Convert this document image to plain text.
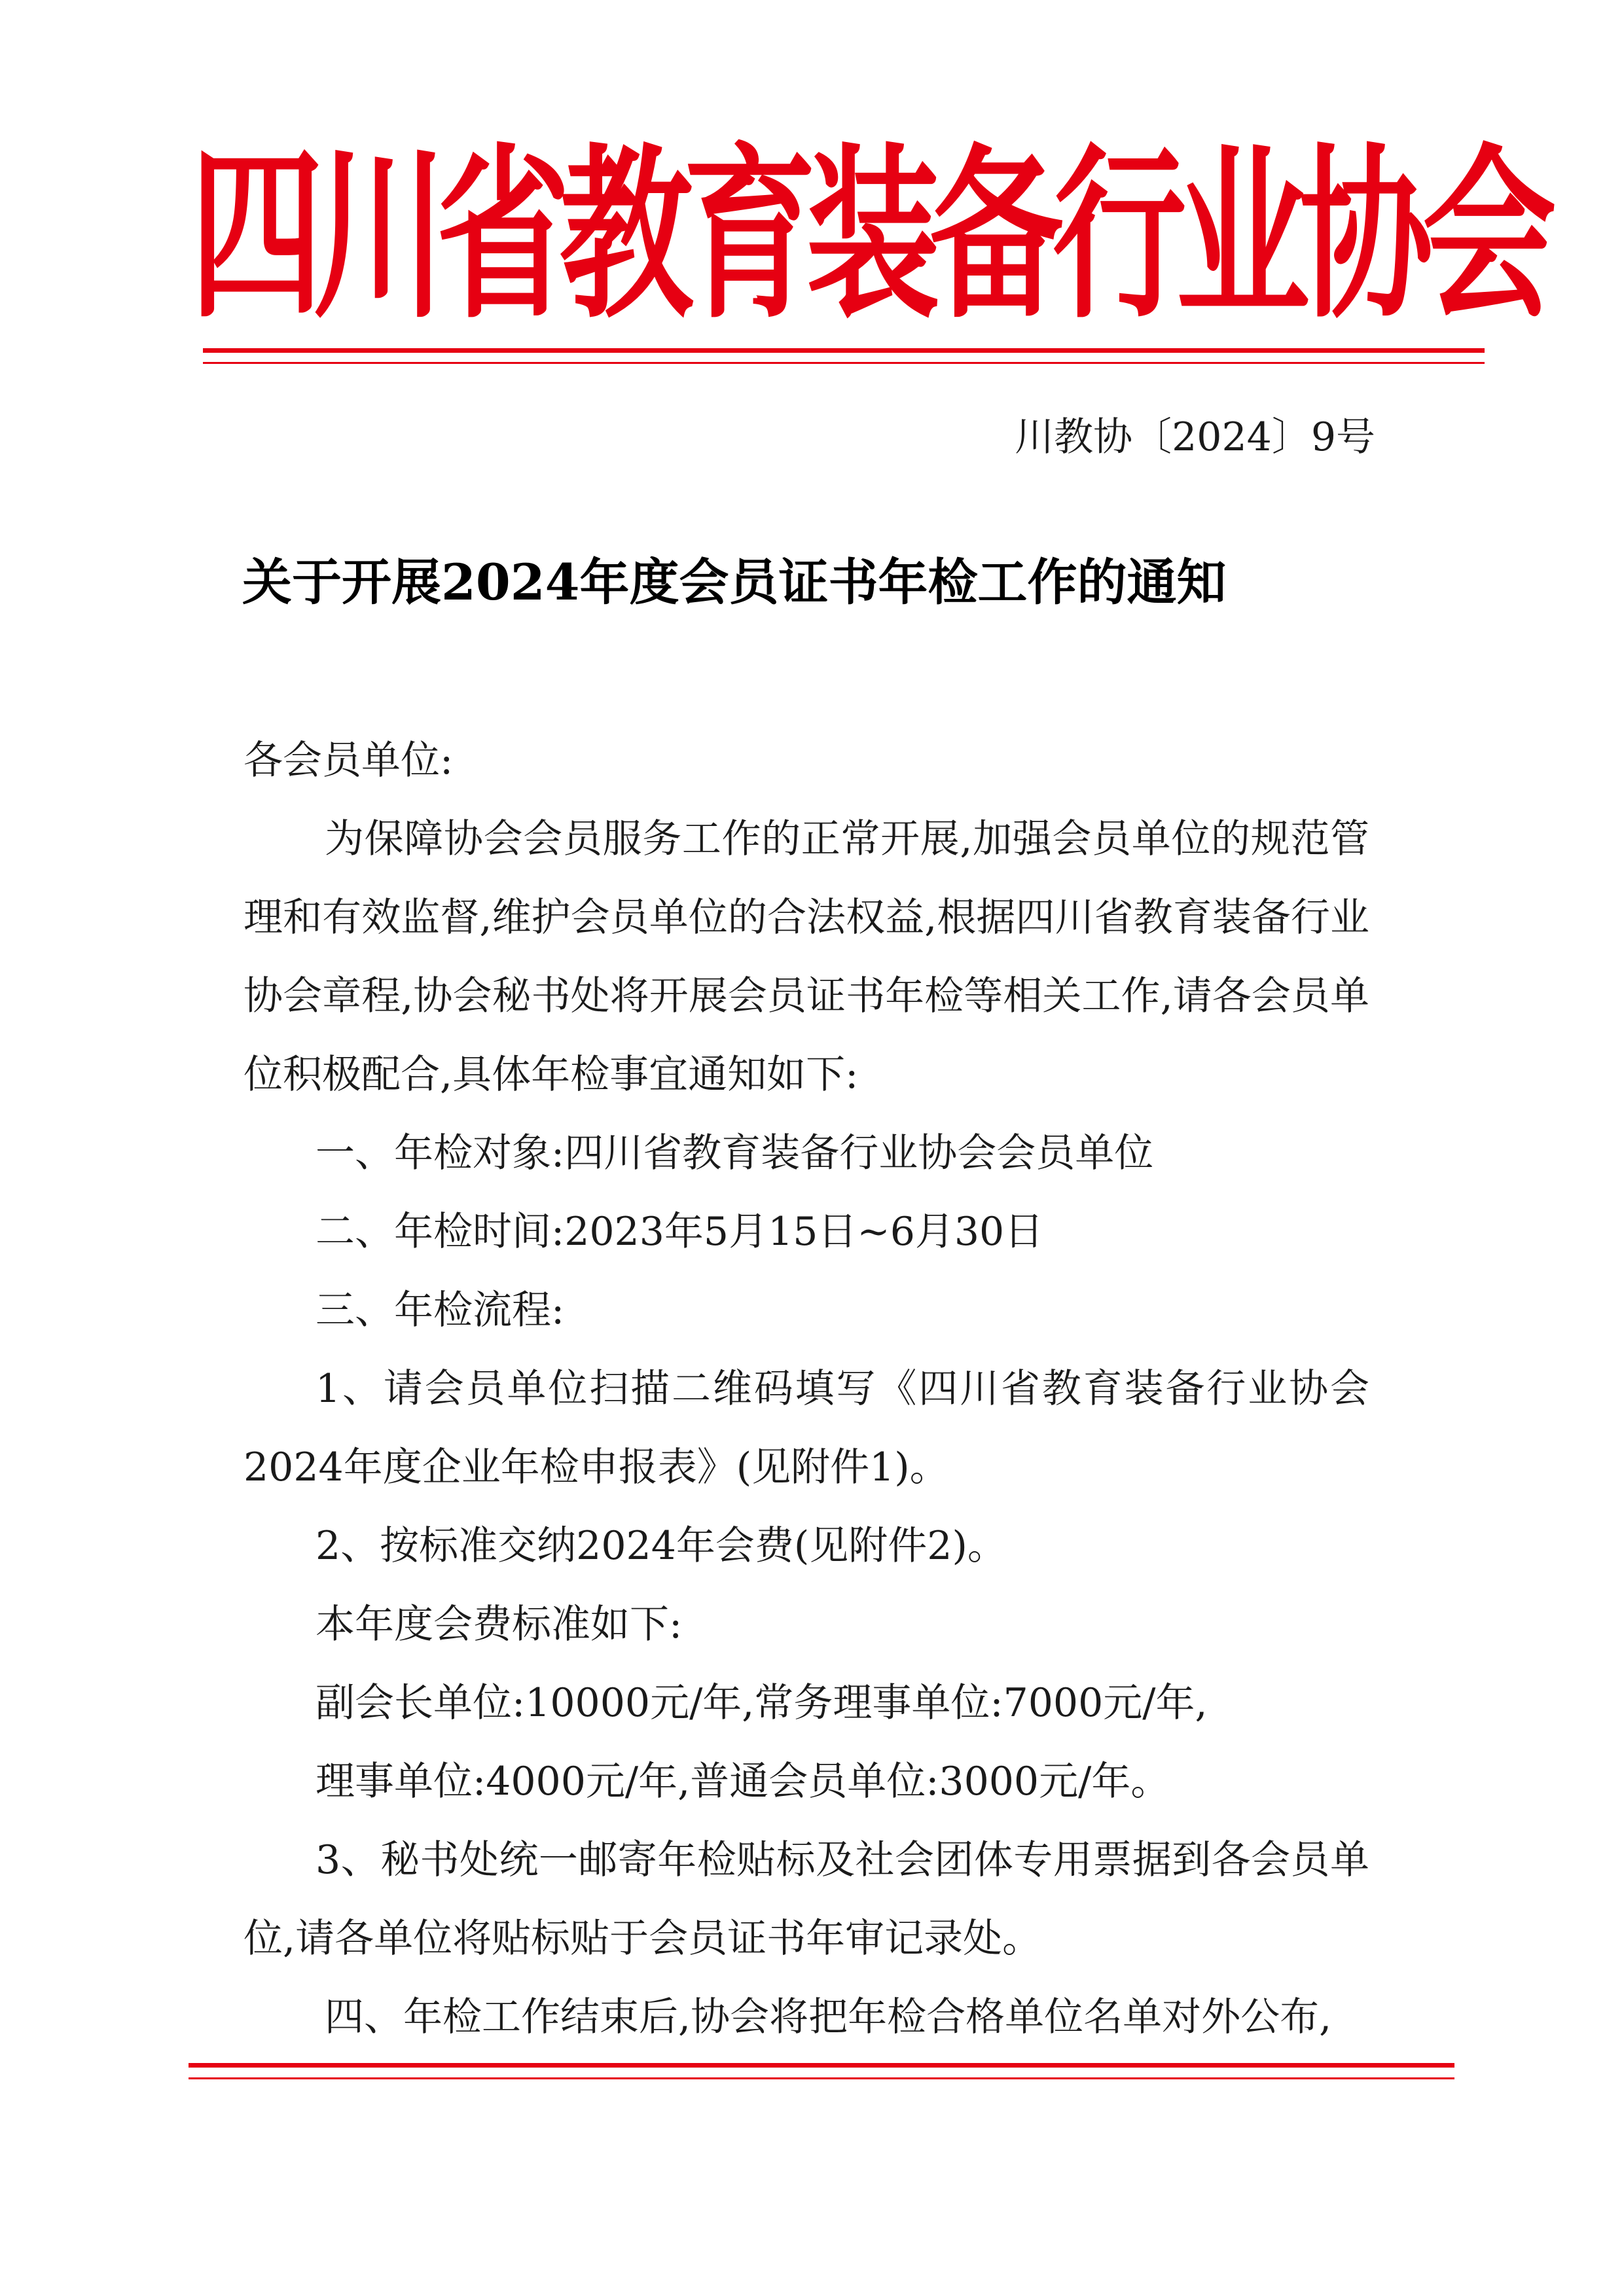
四川省教育装备行业协会
川教协〔2024〕9号
关于开展2024年度会员证书年检工作的通知

各会员单位:

为保障协会会员服务工作的正常开展,加强会员单位的规范管理和有效监督,维护会员单位的合法权益,根据四川省教育装备行业协会章程,协会秘书处将开展会员证书年检等相关工作,请各会员单位积极配合,具体年检事宜通知如下:

一、年检对象:四川省教育装备行业协会会员单位

二、年检时间:2023年5月15日~6月30日

三、年检流程:

1、请会员单位扫描二维码填写《四川省教育装备行业协会2024年度企业年检申报表》(见附件1)。

2、按标准交纳2024年会费(见附件2)。

本年度会费标准如下:

副会长单位:10000元/年,常务理事单位:7000元/年,

理事单位:4000元/年,普通会员单位:3000元/年。

3、秘书处统一邮寄年检贴标及社会团体专用票据到各会员单位,请各单位将贴标贴于会员证书年审记录处。

四、年检工作结束后,协会将把年检合格单位名单对外公布,
